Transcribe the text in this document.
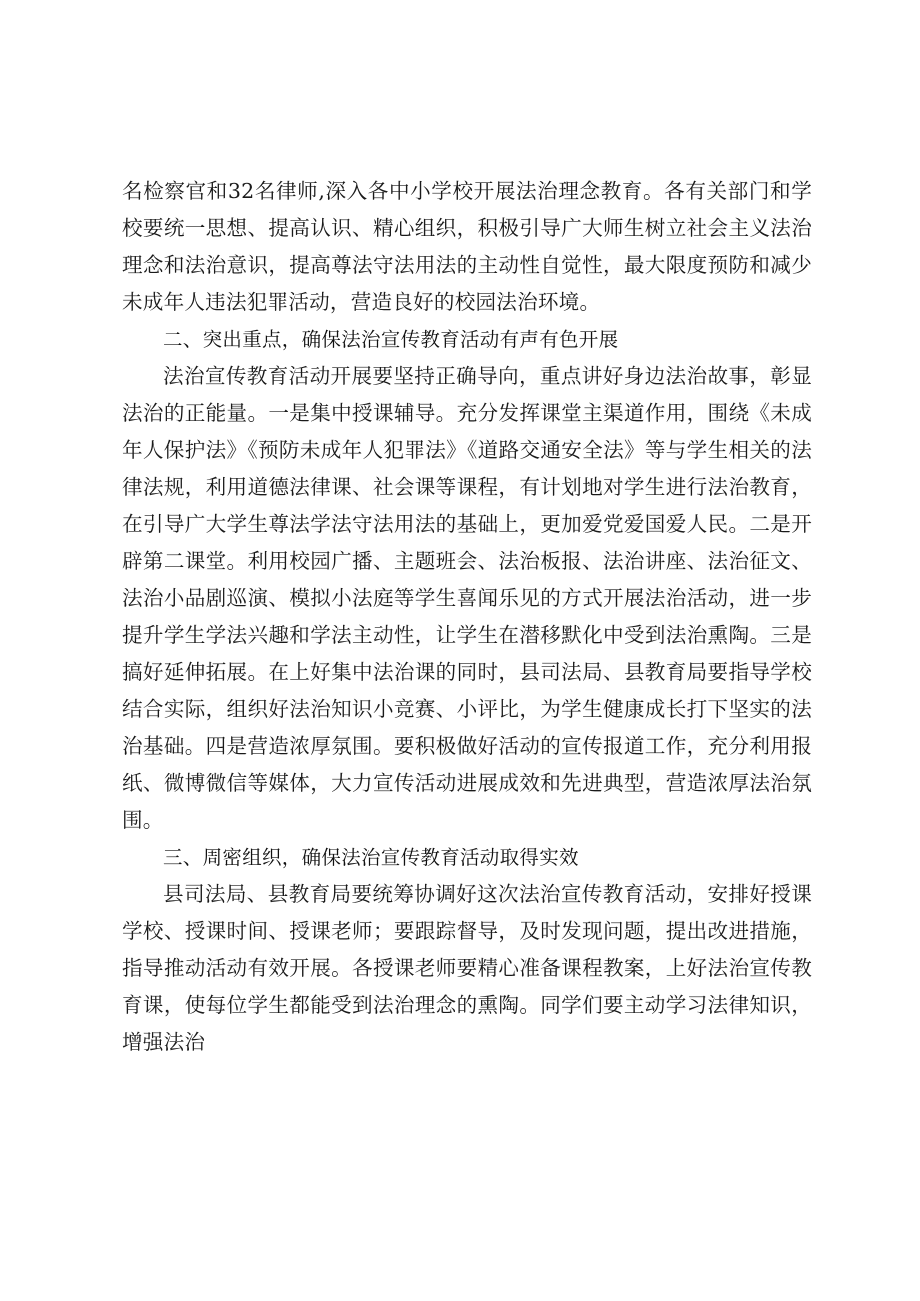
名检察官和32名律师,深入各中小学校开展法治理念教育。各有关部门和学校要统一思想、提高认识、精心组织，积极引导广大师生树立社会主义法治理念和法治意识，提高尊法守法用法的主动性自觉性，最大限度预防和减少未成年人违法犯罪活动，营造良好的校园法治环境。

二、突出重点，确保法治宣传教育活动有声有色开展

法治宣传教育活动开展要坚持正确导向，重点讲好身边法治故事，彰显法治的正能量。一是集中授课辅导。充分发挥课堂主渠道作用，围绕《未成年人保护法》《预防未成年人犯罪法》《道路交通安全法》等与学生相关的法律法规，利用道德法律课、社会课等课程，有计划地对学生进行法治教育，在引导广大学生尊法学法守法用法的基础上，更加爱党爱国爱人民。二是开辟第二课堂。利用校园广播、主题班会、法治板报、法治讲座、法治征文、法治小品剧巡演、模拟小法庭等学生喜闻乐见的方式开展法治活动，进一步提升学生学法兴趣和学法主动性，让学生在潜移默化中受到法治熏陶。三是搞好延伸拓展。在上好集中法治课的同时，县司法局、县教育局要指导学校结合实际，组织好法治知识小竞赛、小评比，为学生健康成长打下坚实的法治基础。四是营造浓厚氛围。要积极做好活动的宣传报道工作，充分利用报纸、微博微信等媒体，大力宣传活动进展成效和先进典型，营造浓厚法治氛围。

三、周密组织，确保法治宣传教育活动取得实效

县司法局、县教育局要统筹协调好这次法治宣传教育活动，安排好授课学校、授课时间、授课老师；要跟踪督导，及时发现问题，提出改进措施，指导推动活动有效开展。各授课老师要精心准备课程教案，上好法治宣传教育课，使每位学生都能受到法治理念的熏陶。同学们要主动学习法律知识，增强法治
